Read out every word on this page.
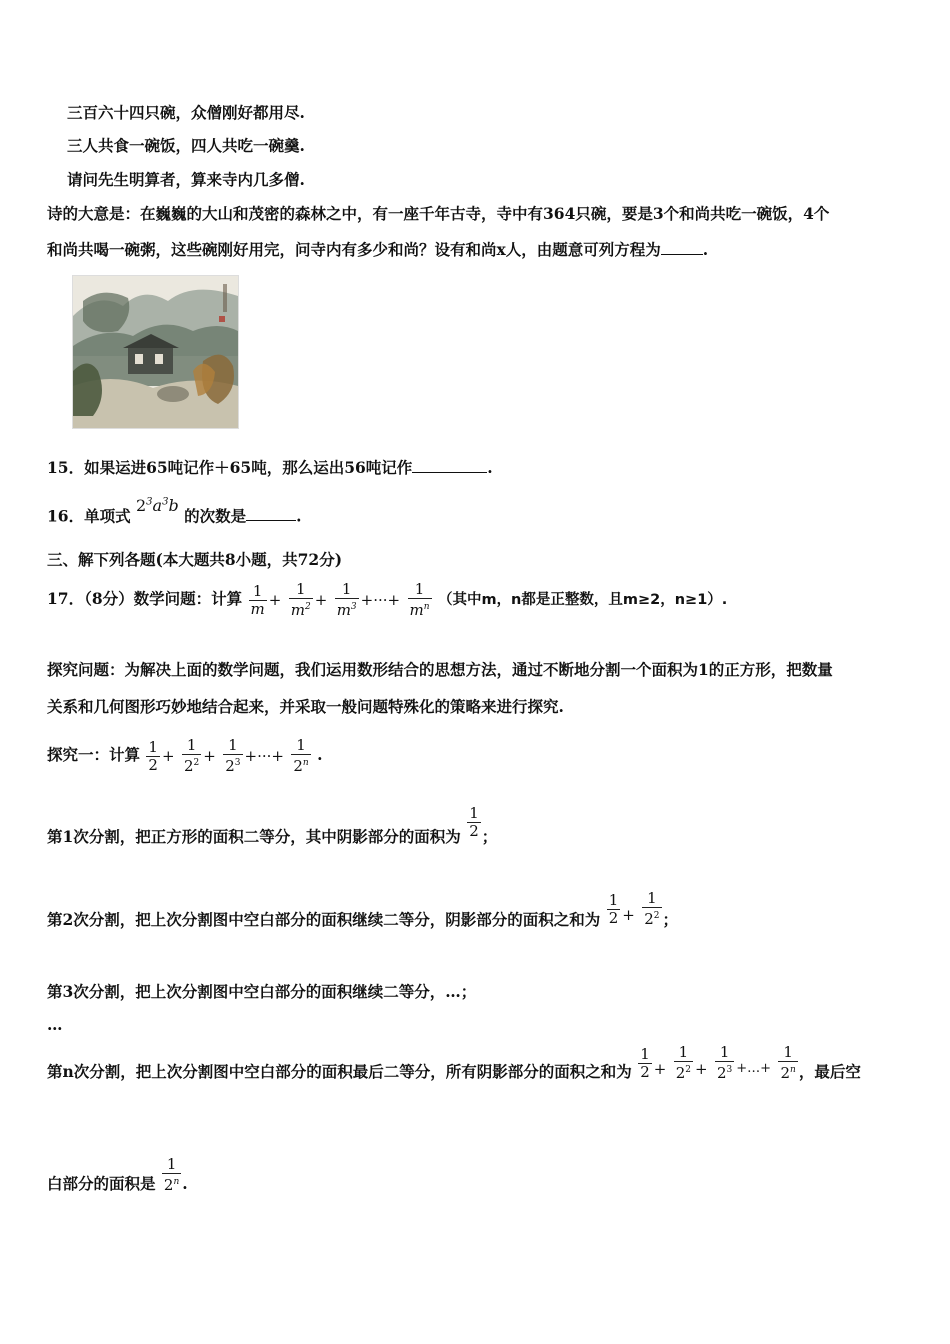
三百六十四只碗，众僧刚好都用尽.
三人共食一碗饭，四人共吃一碗羹.
请问先生明算者，算来寺内几多僧.
诗的大意是：在巍巍的大山和茂密的森林之中，有一座千年古寺，寺中有364只碗，要是3个和尚共吃一碗饭，4个
和尚共喝一碗粥，这些碗刚好用完，问寺内有多少和尚？设有和尚x人，由题意可列方程为	.
15．如果运进65吨记作＋65吨，那么运出56吨记作	.
16．单项式 $2^3a^3b$ 的次数是	.
三、解下列各题(本大题共8小题，共72分)
17．（8分）数学问题：计算 $\frac{1}{m} + \frac{1}{m^2} + \frac{1}{m^3}$ +···+ $\frac{1}{m^n}$ （其中m，n都是正整数，且m≥2，n≥1）.
探究问题：为解决上面的数学问题，我们运用数形结合的思想方法，通过不断地分割一个面积为1的正方形，把数量
关系和几何图形巧妙地结合起来，并采取一般问题特殊化的策略来进行探究.
探究一：计算 $\frac{1}{2} + \frac{1}{2^2} + \frac{1}{2^3}$ +···+ $\frac{1}{2^n}$ .
第1次分割，把正方形的面积二等分，其中阴影部分的面积为 $\frac{1}{2}$ ；
第2次分割，把上次分割图中空白部分的面积继续二等分，阴影部分的面积之和为 $\frac{1}{2} + \frac{1}{2^2}$ ；
第3次分割，把上次分割图中空白部分的面积继续二等分，…；
…
第n次分割，把上次分割图中空白部分的面积最后二等分，所有阴影部分的面积之和为 $\frac{1}{2} + \frac{1}{2^2} + \frac{1}{2^3} ^{+\dots+} \frac{1}{2^n}$ ，最后空
白部分的面积是 $\frac{1}{2^n}$ .
